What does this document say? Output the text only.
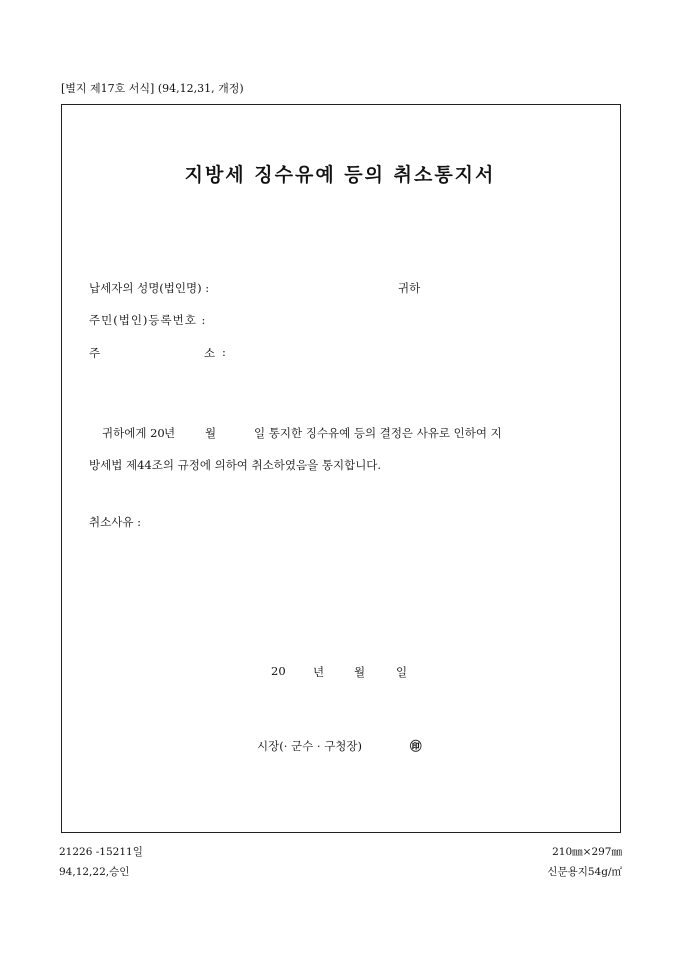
[별지 제17호 서식] (94,12,31, 개정)
지방세 징수유예 등의 취소통지서
납세자의 성명(법인명) :	귀하
주민(법인)등록번호 :
주	소 :
귀하에게 20 년	월	일 통지한 징수유예 등의 결정은 사유로 인하여 지
방세법 제44조의 규정에 의하여 취소하였음을 통지합니다.
취소사유 :
20 년	월	일
시장(· 군수 · 구청장)	㊞
21226 -15211일
94,12,22,승인
210㎜×297㎜
신문용지54g/㎡
